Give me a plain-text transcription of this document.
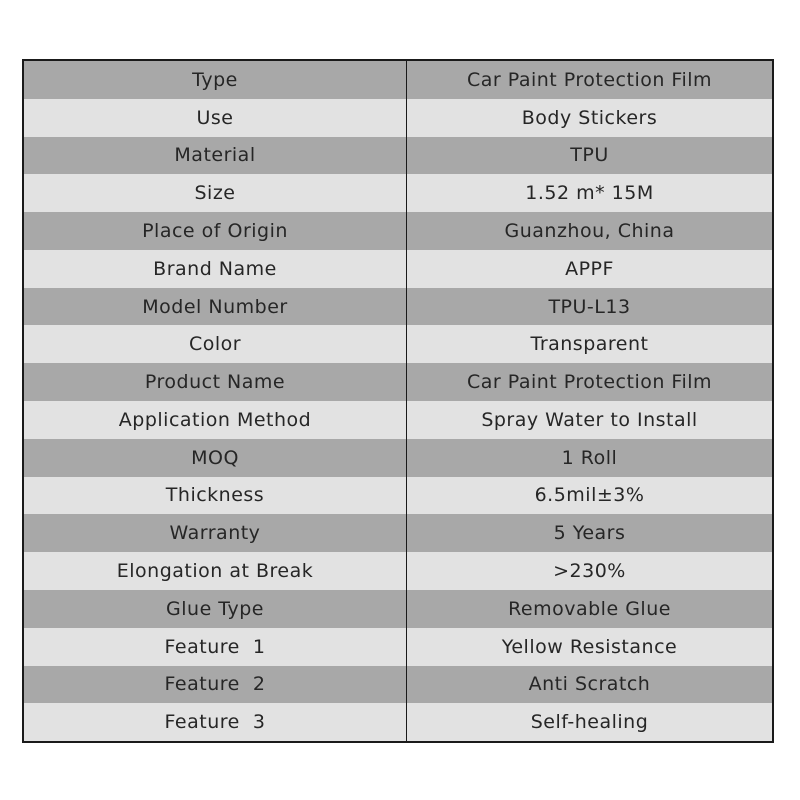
Type	Car Paint Protection Film
Use	Body Stickers
Material	TPU
Size	1.52 m* 15M
Place of Origin	Guanzhou, China
Brand Name	APPF
Model Number	TPU-L13
Color	Transparent
Product Name	Car Paint Protection Film
Application Method	Spray Water to Install
MOQ	1 Roll
Thickness	6.5mil±3%
Warranty	5 Years
Elongation at Break	>230%
Glue Type	Removable Glue
Feature  1	Yellow Resistance
Feature  2	Anti Scratch
Feature  3	Self-healing
